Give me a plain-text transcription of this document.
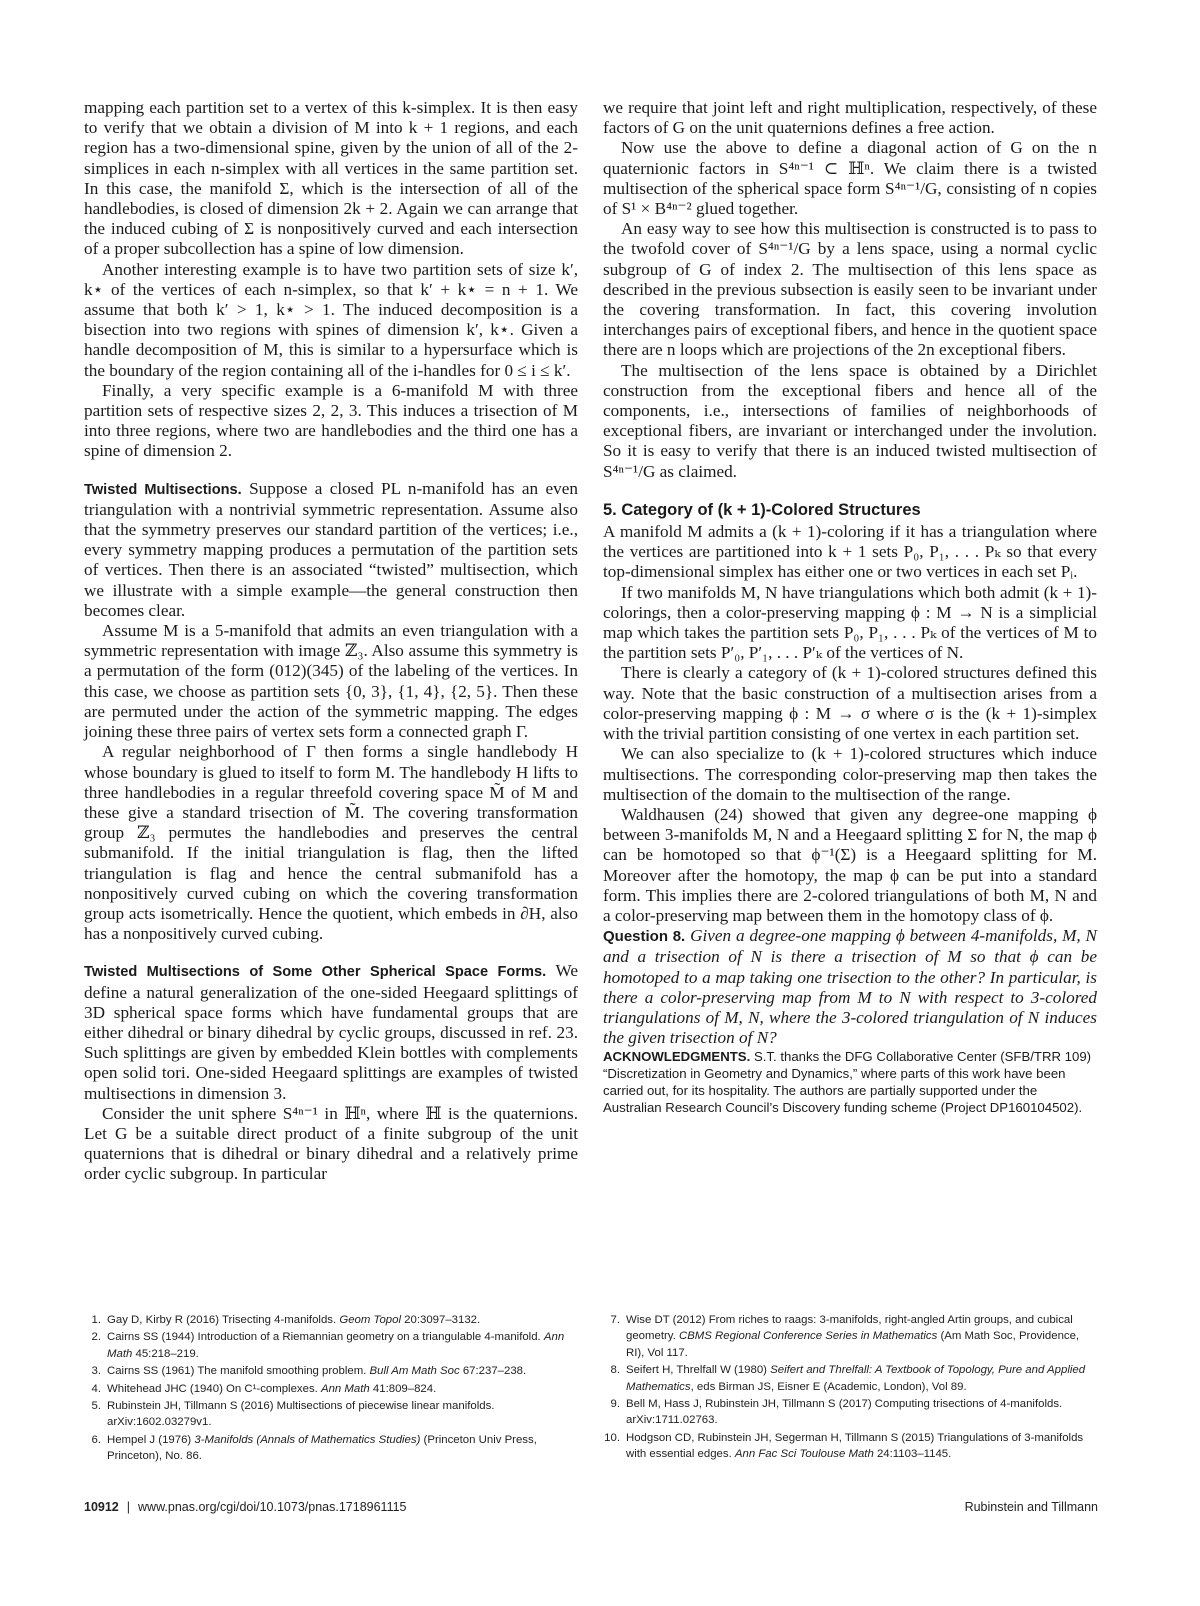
mapping each partition set to a vertex of this k-simplex. It is then easy to verify that we obtain a division of M into k + 1 regions, and each region has a two-dimensional spine, given by the union of all of the 2-simplices in each n-simplex with all vertices in the same partition set. In this case, the manifold Σ, which is the intersection of all of the handlebodies, is closed of dimension 2k + 2. Again we can arrange that the induced cubing of Σ is nonpositively curved and each intersection of a proper subcollection has a spine of low dimension.

Another interesting example is to have two partition sets of size k′, k⋆ of the vertices of each n-simplex, so that k′ + k⋆ = n + 1. We assume that both k′ > 1, k⋆ > 1. The induced decomposition is a bisection into two regions with spines of dimension k′, k⋆. Given a handle decomposition of M, this is similar to a hypersurface which is the boundary of the region containing all of the i-handles for 0 ≤ i ≤ k′.

Finally, a very specific example is a 6-manifold M with three partition sets of respective sizes 2, 2, 3. This induces a trisection of M into three regions, where two are handlebodies and the third one has a spine of dimension 2.

Twisted Multisections. Suppose a closed PL n-manifold has an even triangulation with a nontrivial symmetric representation. Assume also that the symmetry preserves our standard partition of the vertices; i.e., every symmetry mapping produces a permutation of the partition sets of vertices. Then there is an associated “twisted” multisection, which we illustrate with a simple example—the general construction then becomes clear.

Assume M is a 5-manifold that admits an even triangulation with a symmetric representation with image ℤ₃. Also assume this symmetry is a permutation of the form (012)(345) of the labeling of the vertices. In this case, we choose as partition sets {0, 3}, {1, 4}, {2, 5}. Then these are permuted under the action of the symmetric mapping. The edges joining these three pairs of vertex sets form a connected graph Γ.

A regular neighborhood of Γ then forms a single handlebody H whose boundary is glued to itself to form M. The handlebody H lifts to three handlebodies in a regular threefold covering space M̃ of M and these give a standard trisection of M̃. The covering transformation group ℤ₃ permutes the handlebodies and preserves the central submanifold. If the initial triangulation is flag, then the lifted triangulation is flag and hence the central submanifold has a nonpositively curved cubing on which the covering transformation group acts isometrically. Hence the quotient, which embeds in ∂H, also has a nonpositively curved cubing.

Twisted Multisections of Some Other Spherical Space Forms. We define a natural generalization of the one-sided Heegaard splittings of 3D spherical space forms which have fundamental groups that are either dihedral or binary dihedral by cyclic groups, discussed in ref. 23. Such splittings are given by embedded Klein bottles with complements open solid tori. One-sided Heegaard splittings are examples of twisted multisections in dimension 3.

Consider the unit sphere S⁴ⁿ⁻¹ in ℍⁿ, where ℍ is the quaternions. Let G be a suitable direct product of a finite subgroup of the unit quaternions that is dihedral or binary dihedral and a relatively prime order cyclic subgroup. In particular

we require that joint left and right multiplication, respectively, of these factors of G on the unit quaternions defines a free action.

Now use the above to define a diagonal action of G on the n quaternionic factors in S⁴ⁿ⁻¹ ⊂ ℍⁿ. We claim there is a twisted multisection of the spherical space form S⁴ⁿ⁻¹/G, consisting of n copies of S¹ × B⁴ⁿ⁻² glued together.

An easy way to see how this multisection is constructed is to pass to the twofold cover of S⁴ⁿ⁻¹/G by a lens space, using a normal cyclic subgroup of G of index 2. The multisection of this lens space as described in the previous subsection is easily seen to be invariant under the covering transformation. In fact, this covering involution interchanges pairs of exceptional fibers, and hence in the quotient space there are n loops which are projections of the 2n exceptional fibers.

The multisection of the lens space is obtained by a Dirichlet construction from the exceptional fibers and hence all of the components, i.e., intersections of families of neighborhoods of exceptional fibers, are invariant or interchanged under the involution. So it is easy to verify that there is an induced twisted multisection of S⁴ⁿ⁻¹/G as claimed.

5. Category of (k + 1)-Colored Structures

A manifold M admits a (k + 1)-coloring if it has a triangulation where the vertices are partitioned into k + 1 sets P₀, P₁, . . . Pₖ so that every top-dimensional simplex has either one or two vertices in each set Pᵢ.

If two manifolds M, N have triangulations which both admit (k + 1)-colorings, then a color-preserving mapping ϕ : M → N is a simplicial map which takes the partition sets P₀, P₁, . . . Pₖ of the vertices of M to the partition sets P′₀, P′₁, . . . P′ₖ of the vertices of N.

There is clearly a category of (k + 1)-colored structures defined this way. Note that the basic construction of a multisection arises from a color-preserving mapping ϕ : M → σ where σ is the (k + 1)-simplex with the trivial partition consisting of one vertex in each partition set.

We can also specialize to (k + 1)-colored structures which induce multisections. The corresponding color-preserving map then takes the multisection of the domain to the multisection of the range.

Waldhausen (24) showed that given any degree-one mapping ϕ between 3-manifolds M, N and a Heegaard splitting Σ for N, the map ϕ can be homotoped so that ϕ⁻¹(Σ) is a Heegaard splitting for M. Moreover after the homotopy, the map ϕ can be put into a standard form. This implies there are 2-colored triangulations of both M, N and a color-preserving map between them in the homotopy class of ϕ.

Question 8. Given a degree-one mapping ϕ between 4-manifolds, M, N and a trisection of N is there a trisection of M so that ϕ can be homotoped to a map taking one trisection to the other? In particular, is there a color-preserving map from M to N with respect to 3-colored triangulations of M, N, where the 3-colored triangulation of N induces the given trisection of N?

ACKNOWLEDGMENTS. S.T. thanks the DFG Collaborative Center (SFB/TRR 109) “Discretization in Geometry and Dynamics,” where parts of this work have been carried out, for its hospitality. The authors are partially supported under the Australian Research Council’s Discovery funding scheme (Project DP160104502).

1. Gay D, Kirby R (2016) Trisecting 4-manifolds. Geom Topol 20:3097–3132.
2. Cairns SS (1944) Introduction of a Riemannian geometry on a triangulable 4-manifold. Ann Math 45:218–219.
3. Cairns SS (1961) The manifold smoothing problem. Bull Am Math Soc 67:237–238.
4. Whitehead JHC (1940) On C¹-complexes. Ann Math 41:809–824.
5. Rubinstein JH, Tillmann S (2016) Multisections of piecewise linear manifolds. arXiv:1602.03279v1.
6. Hempel J (1976) 3-Manifolds (Annals of Mathematics Studies) (Princeton Univ Press, Princeton), No. 86.
7. Wise DT (2012) From riches to raags: 3-manifolds, right-angled Artin groups, and cubical geometry. CBMS Regional Conference Series in Mathematics (Am Math Soc, Providence, RI), Vol 117.
8. Seifert H, Threlfall W (1980) Seifert and Threlfall: A Textbook of Topology, Pure and Applied Mathematics, eds Birman JS, Eisner E (Academic, London), Vol 89.
9. Bell M, Hass J, Rubinstein JH, Tillmann S (2017) Computing trisections of 4-manifolds. arXiv:1711.02763.
10. Hodgson CD, Rubinstein JH, Segerman H, Tillmann S (2015) Triangulations of 3-manifolds with essential edges. Ann Fac Sci Toulouse Math 24:1103–1145.
10912 | www.pnas.org/cgi/doi/10.1073/pnas.1718961115	Rubinstein and Tillmann
